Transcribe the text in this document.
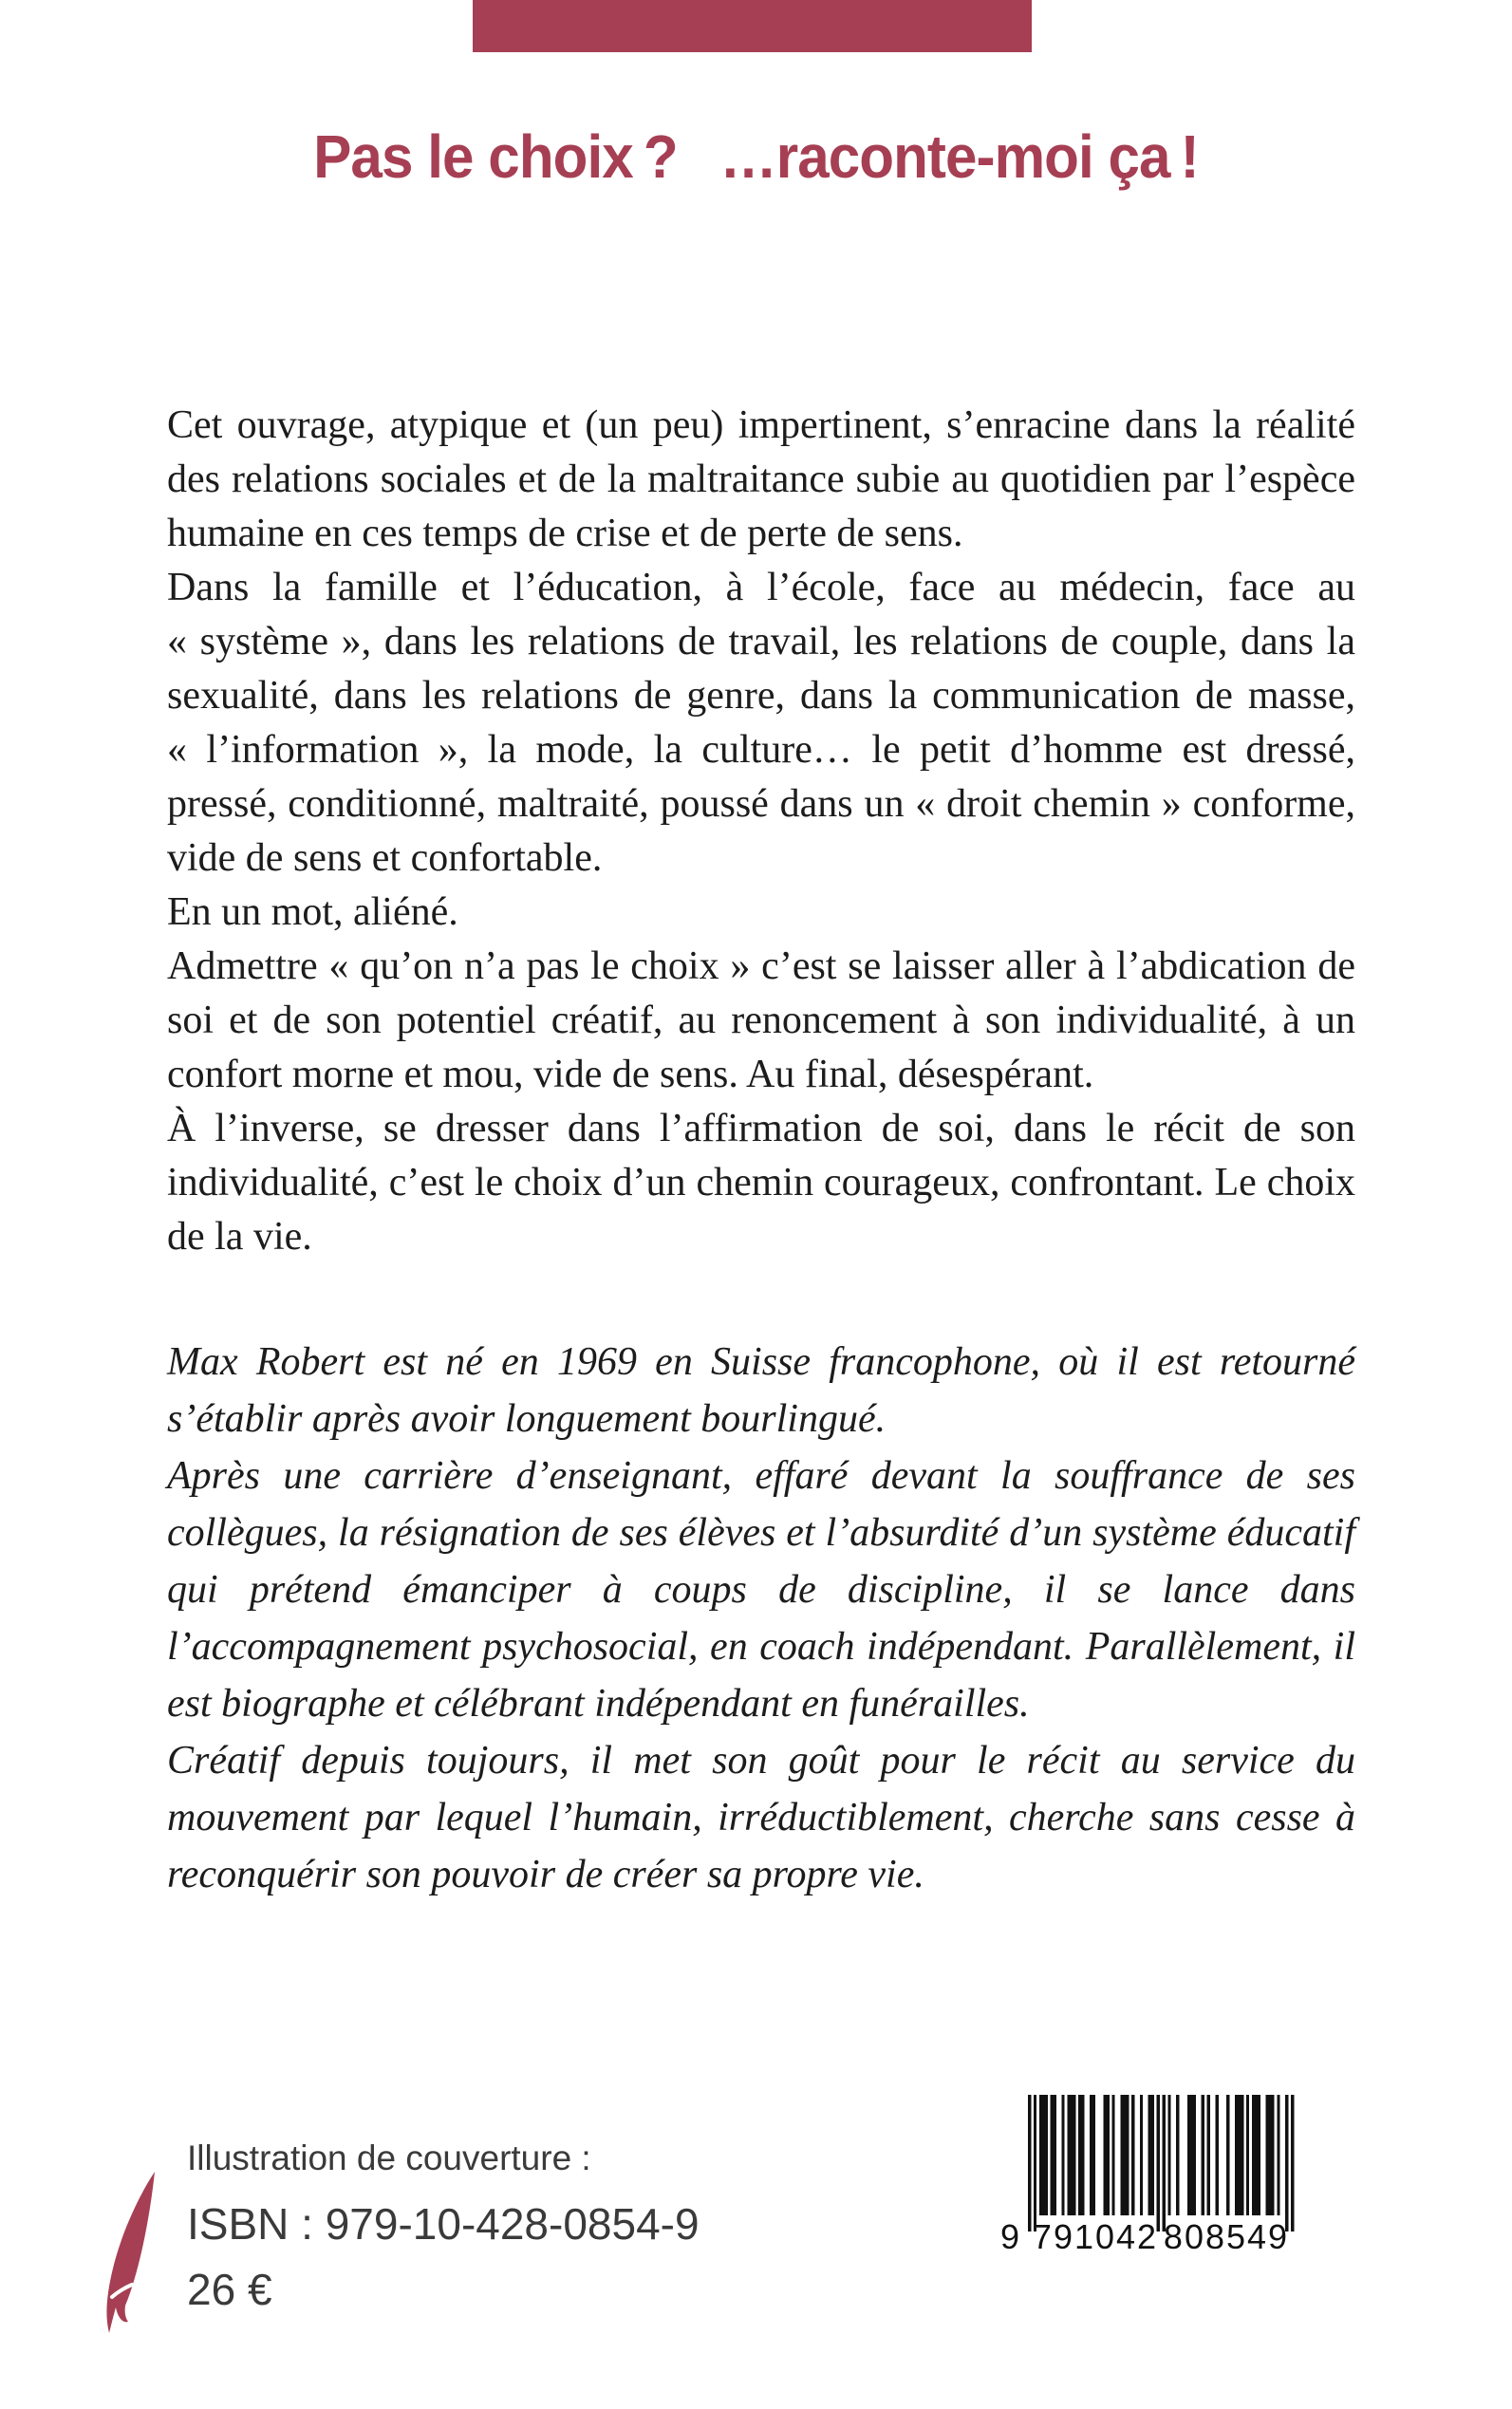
Pas le choix ?  …raconte-moi ça !

Cet ouvrage, atypique et (un peu) impertinent, s’enracine dans la réalité des relations sociales et de la maltraitance subie au quotidien par l’espèce humaine en ces temps de crise et de perte de sens.

Dans la famille et l’éducation, à l’école, face au médecin, face au « système », dans les relations de travail, les relations de couple, dans la sexualité, dans les relations de genre, dans la communication de masse, « l’information », la mode, la culture… le petit d’homme est dressé, pressé, conditionné, maltraité, poussé dans un « droit chemin » conforme, vide de sens et confortable.

En un mot, aliéné.

Admettre « qu’on n’a pas le choix » c’est se laisser aller à l’abdication de soi et de son potentiel créatif, au renoncement à son individualité, à un confort morne et mou, vide de sens. Au final, désespérant.

À l’inverse, se dresser dans l’affirmation de soi, dans le récit de son individualité, c’est le choix d’un chemin courageux, confrontant. Le choix de la vie.

Max Robert est né en 1969 en Suisse francophone, où il est retourné s’établir après avoir longuement bourlingué.

Après une carrière d’enseignant, effaré devant la souffrance de ses collègues, la résignation de ses élèves et l’absurdité d’un système éducatif qui prétend émanciper à coups de discipline, il se lance dans l’accompagnement psychosocial, en coach indépendant. Parallèlement, il est biographe et célébrant indépendant en funérailles.

Créatif depuis toujours, il met son goût pour le récit au service du mouvement par lequel l’humain, irréductiblement, cherche sans cesse à reconquérir son pouvoir de créer sa propre vie.

Illustration de couverture :
ISBN : 979-10-428-0854-9
26 €
9 791042 808549
